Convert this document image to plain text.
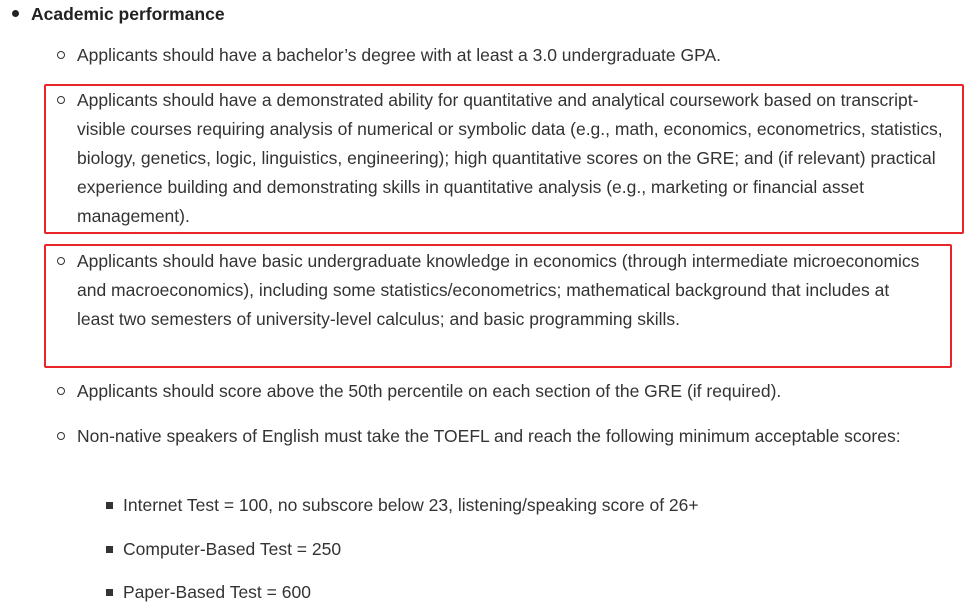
Academic performance
Applicants should have a bachelor’s degree with at least a 3.0 undergraduate GPA.
Applicants should have a demonstrated ability for quantitative and analytical coursework based on transcript-visible courses requiring analysis of numerical or symbolic data (e.g., math, economics, econometrics, statistics, biology, genetics, logic, linguistics, engineering); high quantitative scores on the GRE; and (if relevant) practical experience building and demonstrating skills in quantitative analysis (e.g., marketing or financial asset management).
Applicants should have basic undergraduate knowledge in economics (through intermediate microeconomics and macroeconomics), including some statistics/econometrics; mathematical background that includes at least two semesters of university-level calculus; and basic programming skills.
Applicants should score above the 50th percentile on each section of the GRE (if required).
Non-native speakers of English must take the TOEFL and reach the following minimum acceptable scores:
Internet Test = 100, no subscore below 23, listening/speaking score of 26+
Computer-Based Test = 250
Paper-Based Test = 600
